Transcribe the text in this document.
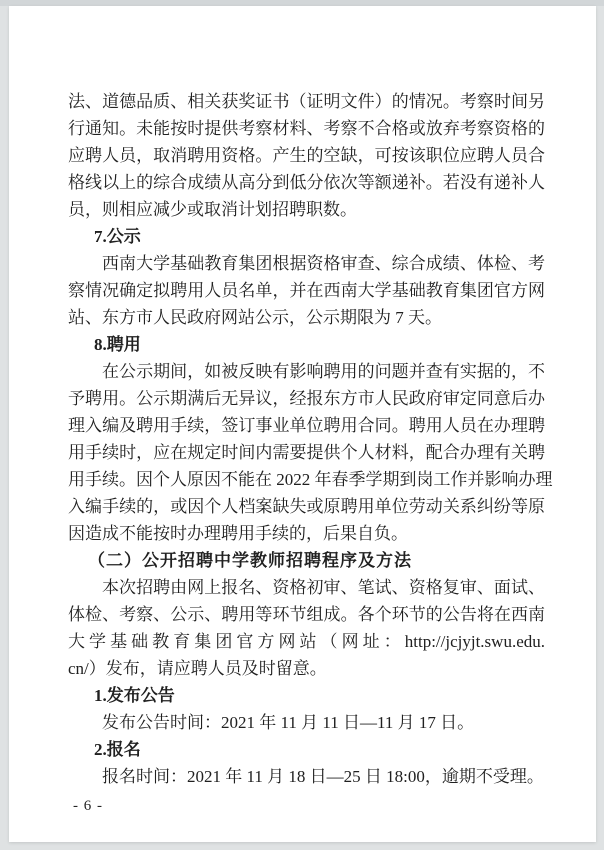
法、道德品质、相关获奖证书（证明文件）的情况。考察时间另
行通知。未能按时提供考察材料、考察不合格或放弃考察资格的
应聘人员，取消聘用资格。产生的空缺，可按该职位应聘人员合
格线以上的综合成绩从高分到低分依次等额递补。若没有递补人
员，则相应减少或取消计划招聘职数。
7.公示
西南大学基础教育集团根据资格审查、综合成绩、体检、考
察情况确定拟聘用人员名单，并在西南大学基础教育集团官方网
站、东方市人民政府网站公示，公示期限为 7 天。
8.聘用
在公示期间，如被反映有影响聘用的问题并查有实据的，不
予聘用。公示期满后无异议，经报东方市人民政府审定同意后办
理入编及聘用手续，签订事业单位聘用合同。聘用人员在办理聘
用手续时，应在规定时间内需要提供个人材料，配合办理有关聘
用手续。因个人原因不能在 2022 年春季学期到岗工作并影响办理
入编手续的，或因个人档案缺失或原聘用单位劳动关系纠纷等原
因造成不能按时办理聘用手续的，后果自负。
（二）公开招聘中学教师招聘程序及方法
本次招聘由网上报名、资格初审、笔试、资格复审、面试、
体检、考察、公示、聘用等环节组成。各个环节的公告将在西南
大学基础教育集团官方网站（网址：http://jcjyjt.swu.edu.
cn/）发布，请应聘人员及时留意。
1.发布公告
发布公告时间：2021 年 11 月 11 日—11 月 17 日。
2.报名
报名时间：2021 年 11 月 18 日—25 日 18:00，逾期不受理。
- 6 -
